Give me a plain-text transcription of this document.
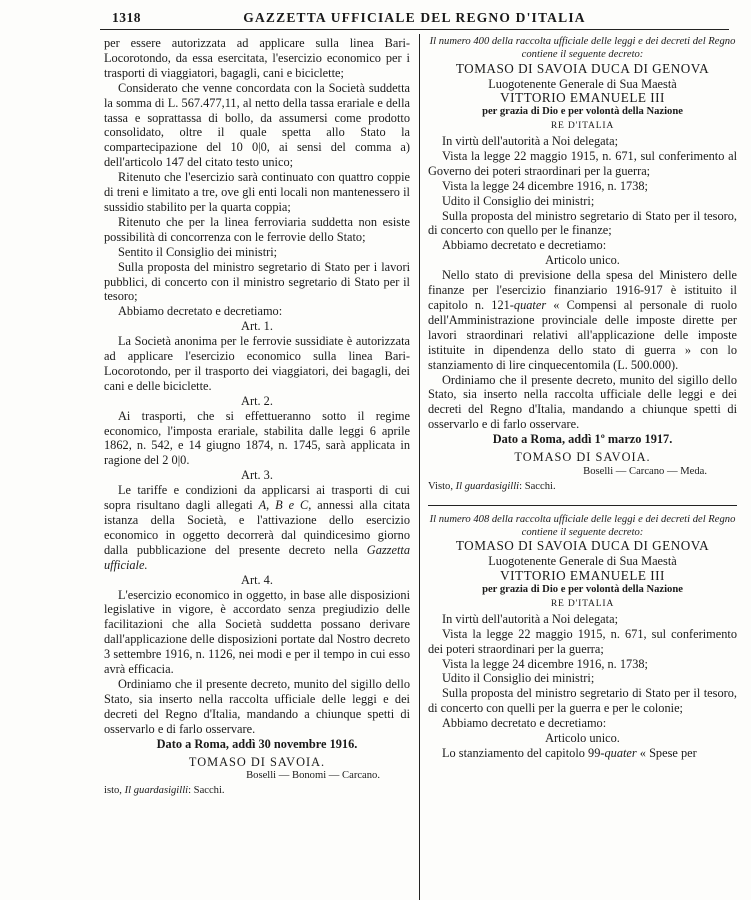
1318	GAZZETTA UFFICIALE DEL REGNO D'ITALIA

per essere autorizzata ad applicare sulla linea Bari-Locorotondo, da essa esercitata, l'esercizio economico per i trasporti di viaggiatori, bagagli, cani e biciclette;

Considerato che venne concordata con la Società suddetta la somma di L. 567.477,11, al netto della tassa erariale e della tassa e soprattassa di bollo, da assumersi come prodotto consolidato, oltre il quale spetta allo Stato la compartecipazione del 10 0|0, ai sensi del comma a) dell'articolo 147 del citato testo unico;

Ritenuto che l'esercizio sarà continuato con quattro coppie di treni e limitato a tre, ove gli enti locali non mantenessero il sussidio stabilito per la quarta coppia;

Ritenuto che per la linea ferroviaria suddetta non esiste possibilità di concorrenza con le ferrovie dello Stato;

Sentito il Consiglio dei ministri;

Sulla proposta del ministro segretario di Stato per i lavori pubblici, di concerto con il ministro segretario di Stato per il tesoro;

Abbiamo decretato e decretiamo:

Art. 1.

La Società anonima per le ferrovie sussidiate è autorizzata ad applicare l'esercizio economico sulla linea Bari-Locorotondo, per il trasporto dei viaggiatori, dei bagagli, dei cani e delle biciclette.

Art. 2.

Ai trasporti, che si effettueranno sotto il regime economico, l'imposta erariale, stabilita dalle leggi 6 aprile 1862, n. 542, e 14 giugno 1874, n. 1745, sarà applicata in ragione del 2 0|0.

Art. 3.

Le tariffe e condizioni da applicarsi ai trasporti di cui sopra risultano dagli allegati A, B e C, annessi alla citata istanza della Società, e l'attivazione dello esercizio economico in oggetto decorrerà dal quindicesimo giorno dalla pubblicazione del presente decreto nella Gazzetta ufficiale.

Art. 4.

L'esercizio economico in oggetto, in base alle disposizioni legislative in vigore, è accordato senza pregiudizio delle facilitazioni che alla Società suddetta possano derivare dall'applicazione delle disposizioni portate dal Nostro decreto 3 settembre 1916, n. 1126, nei modi e per il tempo in cui esso avrà efficacia.

Ordiniamo che il presente decreto, munito del sigillo dello Stato, sia inserto nella raccolta ufficiale delle leggi e dei decreti del Regno d'Italia, mandando a chiunque spetti di osservarlo e di farlo osservare.

Dato a Roma, addì 30 novembre 1916.

TOMASO DI SAVOIA.

Boselli — Bonomi — Carcano.

isto, Il guardasigilli: Sacchi.

Il numero 400 della raccolta ufficiale delle leggi e dei decreti del Regno contiene il seguente decreto:

TOMASO DI SAVOIA DUCA DI GENOVA

Luogotenente Generale di Sua Maestà

VITTORIO EMANUELE III

per grazia di Dio e per volontà della Nazione

RE D'ITALIA

In virtù dell'autorità a Noi delegata;

Vista la legge 22 maggio 1915, n. 671, sul conferimento al Governo dei poteri straordinari per la guerra;

Vista la legge 24 dicembre 1916, n. 1738;

Udito il Consiglio dei ministri;

Sulla proposta del ministro segretario di Stato per il tesoro, di concerto con quello per le finanze;

Abbiamo decretato e decretiamo:

Articolo unico.

Nello stato di previsione della spesa del Ministero delle finanze per l'esercizio finanziario 1916-917 è istituito il capitolo n. 121-quater « Compensi al personale di ruolo dell'Amministrazione provinciale delle imposte dirette per lavori straordinari relativi all'applicazione delle imposte istituite in dipendenza dello stato di guerra » con lo stanziamento di lire cinquecentomila (L. 500.000).

Ordiniamo che il presente decreto, munito del sigillo dello Stato, sia inserto nella raccolta ufficiale delle leggi e dei decreti del Regno d'Italia, mandando a chiunque spetti di osservarlo e di farlo osservare.

Dato a Roma, addì 1º marzo 1917.

TOMASO DI SAVOIA.

Boselli — Carcano — Meda.

Visto, Il guardasigilli: Sacchi.

Il numero 408 della raccolta ufficiale delle leggi e dei decreti del Regno contiene il seguente decreto:

TOMASO DI SAVOIA DUCA DI GENOVA

Luogotenente Generale di Sua Maestà

VITTORIO EMANUELE III

per grazia di Dio e per volontà della Nazione

RE D'ITALIA

In virtù dell'autorità a Noi delegata;

Vista la legge 22 maggio 1915, n. 671, sul conferimento dei poteri straordinari per la guerra;

Vista la legge 24 dicembre 1916, n. 1738;

Udito il Consiglio dei ministri;

Sulla proposta del ministro segretario di Stato per il tesoro, di concerto con quelli per la guerra e per le colonie;

Abbiamo decretato e decretiamo:

Articolo unico.

Lo stanziamento del capitolo 99-quater « Spese per
